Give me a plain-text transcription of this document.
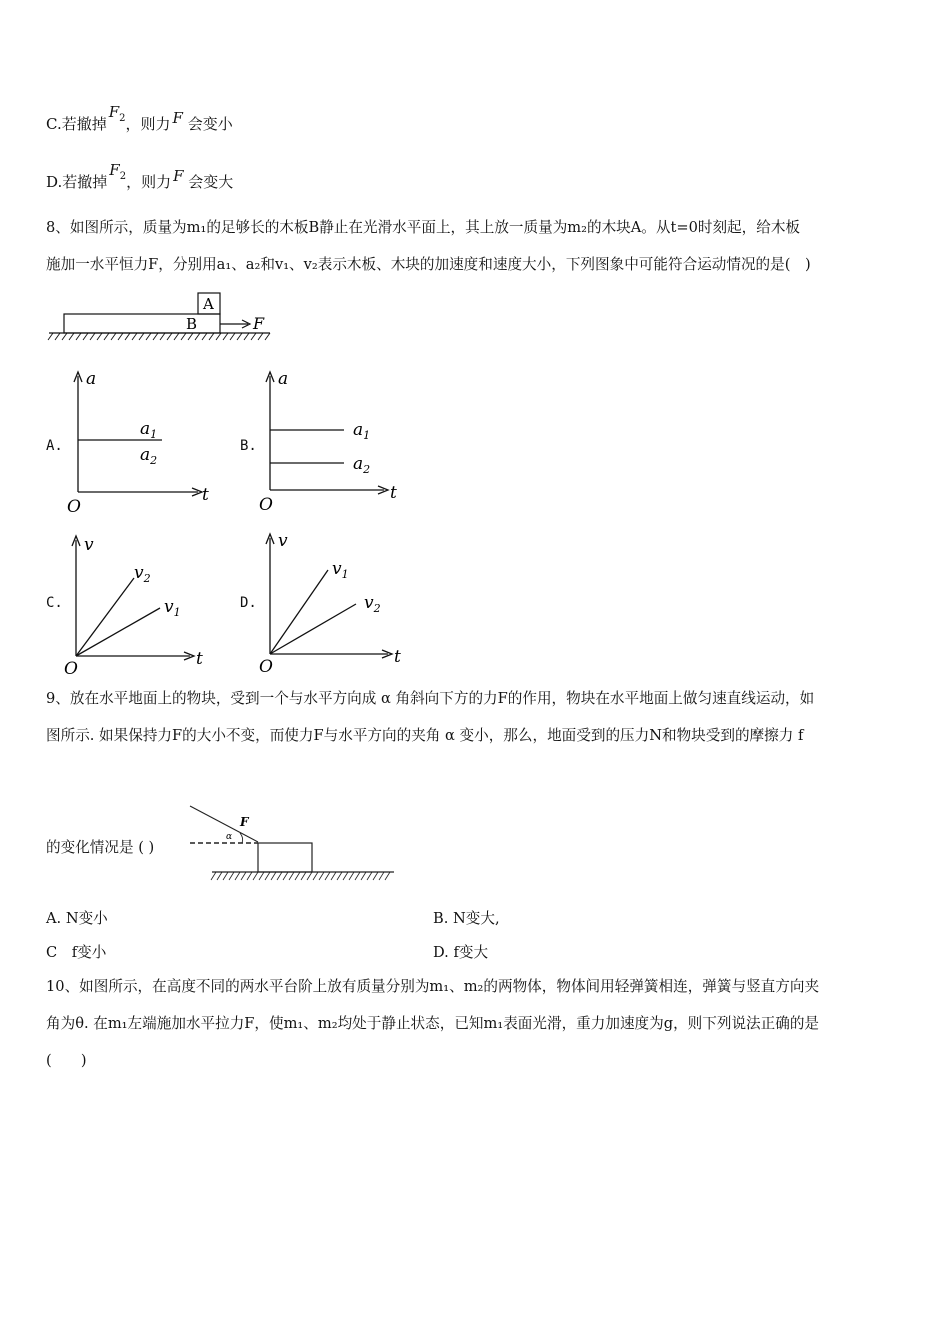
C.若撤掉$F_2$，则力 F 会变小
D.若撤掉$F_2$，则力 F 会变大
8、如图所示，质量为m₁的足够长的木板B静止在光滑水平面上，其上放一质量为m₂的木块A。从t=0时刻起，给木板
施加一水平恒力F，分别用a₁、a₂和v₁、v₂表示木板、木块的加速度和速度大小，下列图象中可能符合运动情况的是(　)
A
B	F
A.
a
t
O
$a_1$
$a_2$
B.
a
t
O
$a_1$
$a_2$
C.
v
t
O
$v_2$
$v_1$
D.
v
t
O
$v_1$
$v_2$
9、放在水平地面上的物块，受到一个与水平方向成 α 角斜向下方的力F的作用，物块在水平地面上做匀速直线运动，如
图所示. 如果保持力F的大小不变，而使力F与水平方向的夹角 α 变小，那么，地面受到的压力N和物块受到的摩擦力 f
的变化情况是 ( )
F
α
A. N变小	B. N变大,
C　f变小	D. f变大
10、如图所示，在高度不同的两水平台阶上放有质量分别为m₁、m₂的两物体，物体间用轻弹簧相连，弹簧与竖直方向夹
角为θ. 在m₁左端施加水平拉力F，使m₁、m₂均处于静止状态，已知m₁表面光滑，重力加速度为g，则下列说法正确的是
(　　)
